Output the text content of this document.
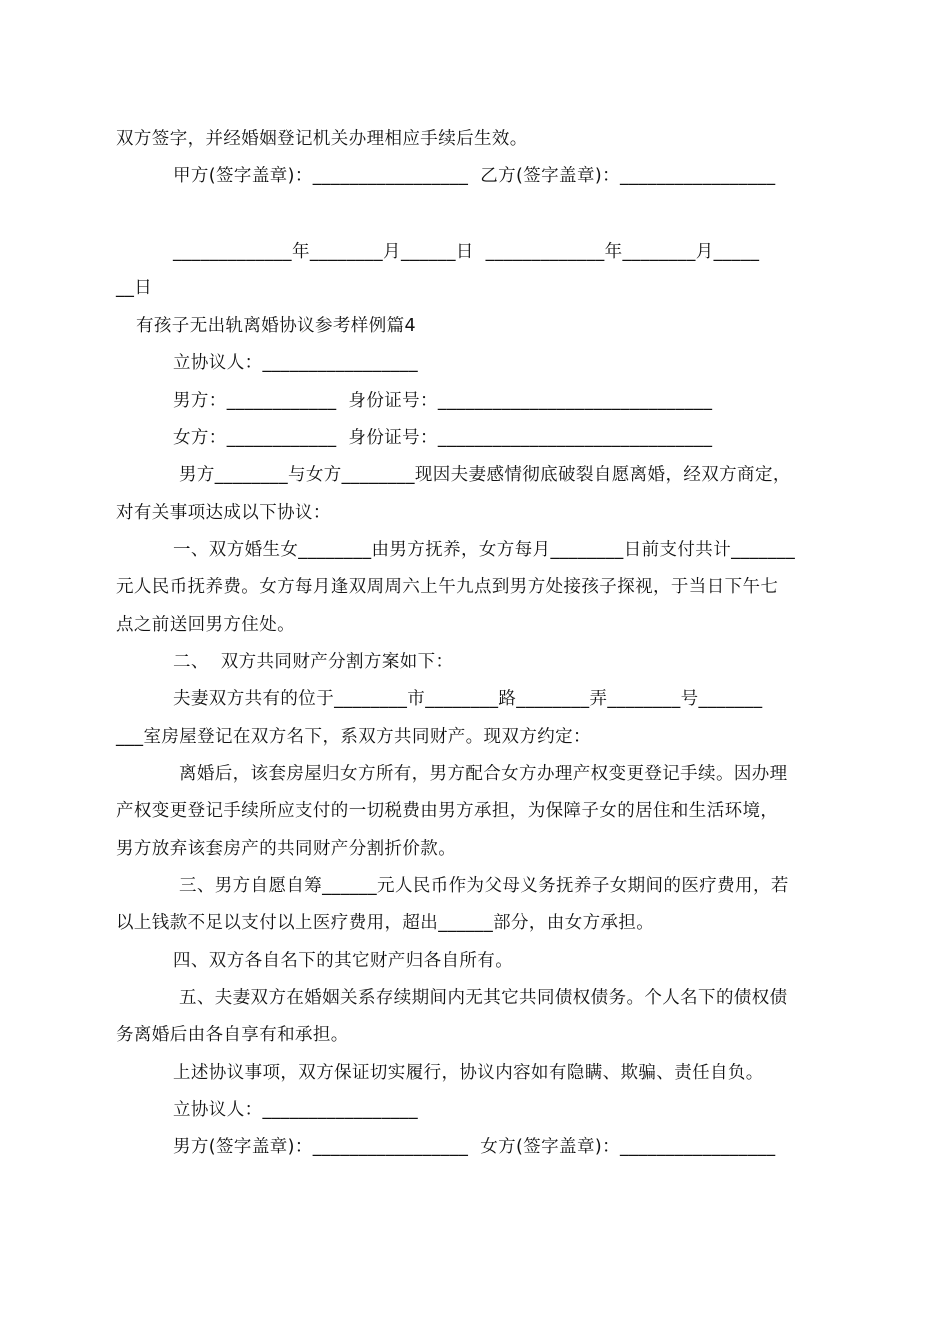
双方签字，并经婚姻登记机关办理相应手续后生效。
甲方(签字盖章)：_________________  乙方(签字盖章)：_________________
_____________年________月______日  _____________年________月_____
__日
有孩子无出轨离婚协议参考样例篇4
立协议人：_________________
男方：____________  身份证号：______________________________
女方：____________  身份证号：______________________________
男方________与女方________现因夫妻感情彻底破裂自愿离婚，经双方商定，
对有关事项达成以下协议：
一、双方婚生女________由男方抚养，女方每月________日前支付共计_______
元人民币抚养费。女方每月逢双周周六上午九点到男方处接孩子探视，于当日下午七
点之前送回男方住处。
二、  双方共同财产分割方案如下：
夫妻双方共有的位于________市________路________弄________号_______
___室房屋登记在双方名下，系双方共同财产。现双方约定：
离婚后，该套房屋归女方所有，男方配合女方办理产权变更登记手续。因办理
产权变更登记手续所应支付的一切税费由男方承担，为保障子女的居住和生活环境，
男方放弃该套房产的共同财产分割折价款。
三、男方自愿自筹______元人民币作为父母义务抚养子女期间的医疗费用，若
以上钱款不足以支付以上医疗费用，超出______部分，由女方承担。
四、双方各自名下的其它财产归各自所有。
五、夫妻双方在婚姻关系存续期间内无其它共同债权债务。个人名下的债权债
务离婚后由各自享有和承担。
上述协议事项，双方保证切实履行，协议内容如有隐瞒、欺骗、责任自负。
立协议人：_________________
男方(签字盖章)：_________________  女方(签字盖章)：_________________
